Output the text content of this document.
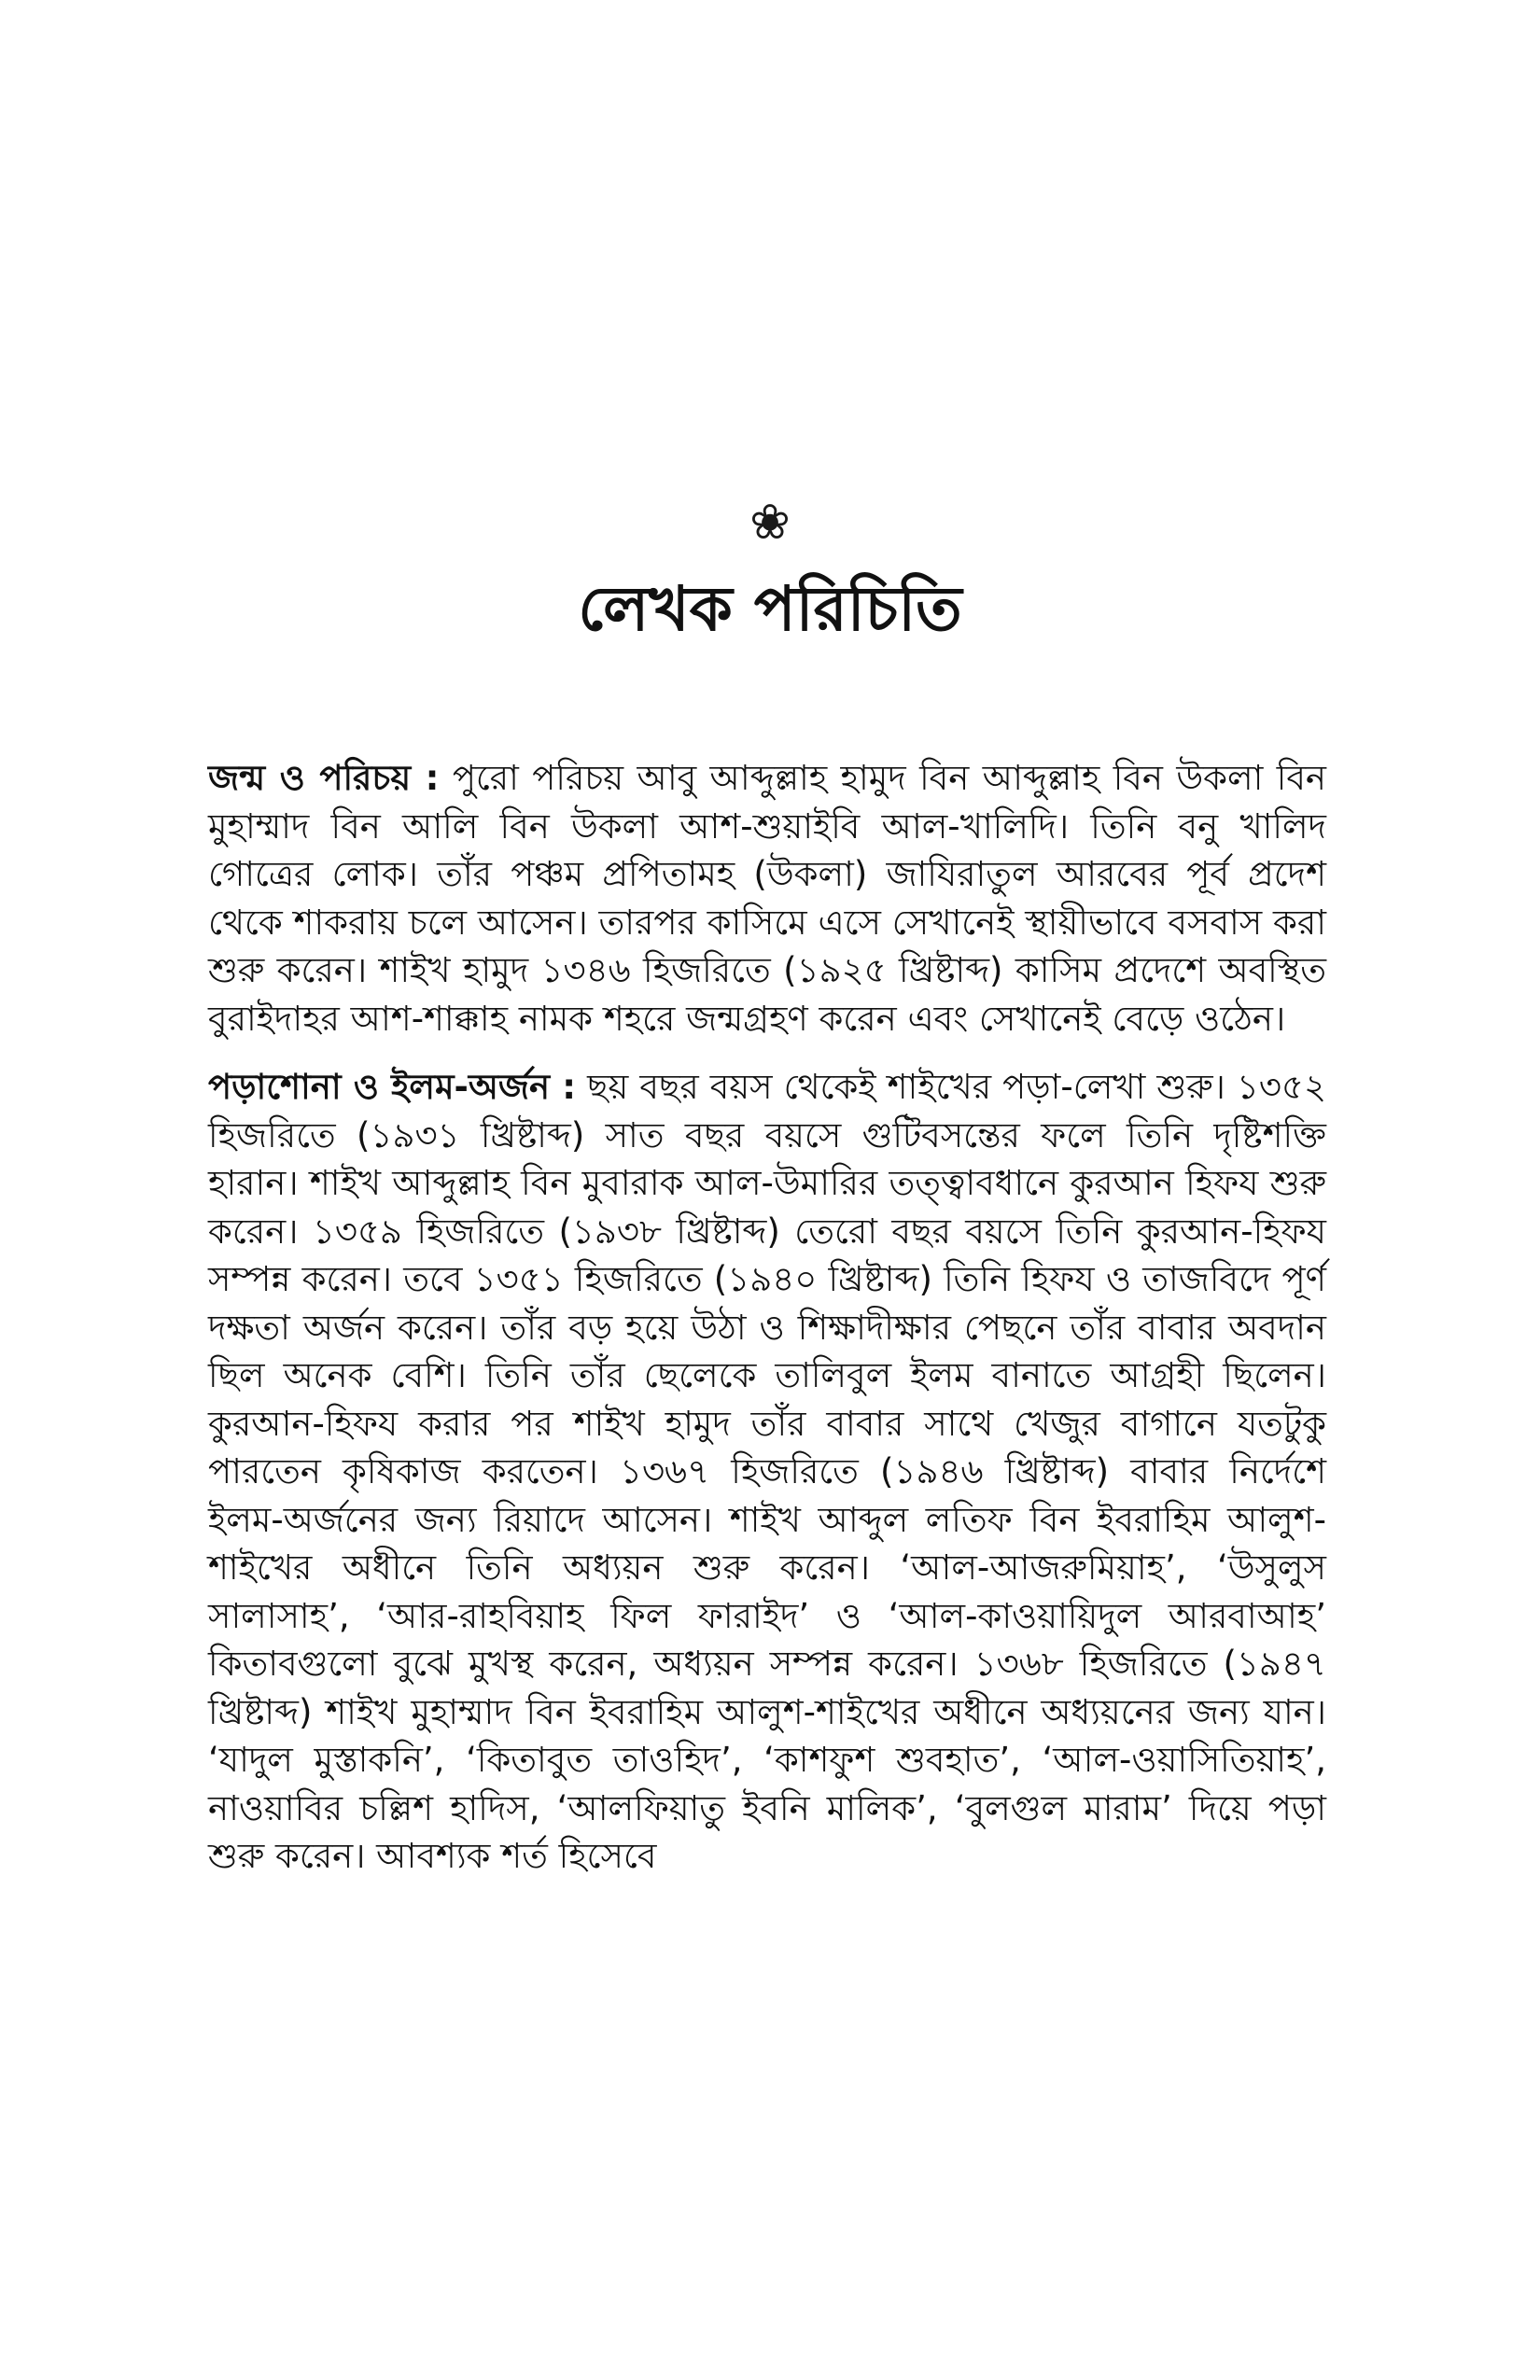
❀
লেখক পরিচিতি

জন্ম ও পরিচয় : পুরো পরিচয় আবু আব্দুল্লাহ হামুদ বিন আব্দুল্লাহ বিন উকলা বিন মুহাম্মাদ বিন আলি বিন উকলা আশ-শুয়াইবি আল-খালিদি। তিনি বনু খালিদ গোত্রের লোক। তাঁর পঞ্চম প্রপিতামহ (উকলা) জাযিরাতুল আরবের পূর্ব প্রদেশ থেকে শাকরায় চলে আসেন। তারপর কাসিমে এসে সেখানেই স্থায়ীভাবে বসবাস করা শুরু করেন। শাইখ হামুদ ১৩৪৬ হিজরিতে (১৯২৫ খ্রিষ্টাব্দ) কাসিম প্রদেশে অবস্থিত বুরাইদাহর আশ-শাক্কাহ নামক শহরে জন্মগ্রহণ করেন এবং সেখানেই বেড়ে ওঠেন।

পড়াশোনা ও ইলম-অর্জন : ছয় বছর বয়স থেকেই শাইখের পড়া-লেখা শুরু। ১৩৫২ হিজরিতে (১৯৩১ খ্রিষ্টাব্দ) সাত বছর বয়সে গুটিবসন্তের ফলে তিনি দৃষ্টিশক্তি হারান। শাইখ আব্দুল্লাহ বিন মুবারাক আল-উমারির তত্ত্বাবধানে কুরআন হিফয শুরু করেন। ১৩৫৯ হিজরিতে (১৯৩৮ খ্রিষ্টাব্দ) তেরো বছর বয়সে তিনি কুরআন-হিফয সম্পন্ন করেন। তবে ১৩৫১ হিজরিতে (১৯৪০ খ্রিষ্টাব্দ) তিনি হিফয ও তাজবিদে পূর্ণ দক্ষতা অর্জন করেন। তাঁর বড় হয়ে উঠা ও শিক্ষাদীক্ষার পেছনে তাঁর বাবার অবদান ছিল অনেক বেশি। তিনি তাঁর ছেলেকে তালিবুল ইলম বানাতে আগ্রহী ছিলেন। কুরআন-হিফয করার পর শাইখ হামুদ তাঁর বাবার সাথে খেজুর বাগানে যতটুকু পারতেন কৃষিকাজ করতেন। ১৩৬৭ হিজরিতে (১৯৪৬ খ্রিষ্টাব্দ) বাবার নির্দেশে ইলম-অর্জনের জন্য রিয়াদে আসেন। শাইখ আব্দুল লতিফ বিন ইবরাহিম আলুশ-শাইখের অধীনে তিনি অধ্যয়ন শুরু করেন। ‘আল-আজরুমিয়াহ’, ‘উসুলুস সালাসাহ’, ‘আর-রাহবিয়াহ ফিল ফারাইদ’ ও ‘আল-কাওয়ায়িদুল আরবাআহ’ কিতাবগুলো বুঝে মুখস্থ করেন, অধ্যয়ন সম্পন্ন করেন। ১৩৬৮ হিজরিতে (১৯৪৭ খ্রিষ্টাব্দ) শাইখ মুহাম্মাদ বিন ইবরাহিম আলুশ-শাইখের অধীনে অধ্যয়নের জন্য যান। ‘যাদুল মুস্তাকনি’, ‘কিতাবুত তাওহিদ’, ‘কাশফুশ শুবহাত’, ‘আল-ওয়াসিতিয়াহ’, নাওয়াবির চল্লিশ হাদিস, ‘আলফিয়াতু ইবনি মালিক’, ‘বুলগুল মারাম’ দিয়ে পড়া শুরু করেন। আবশ্যক শর্ত হিসেবে
